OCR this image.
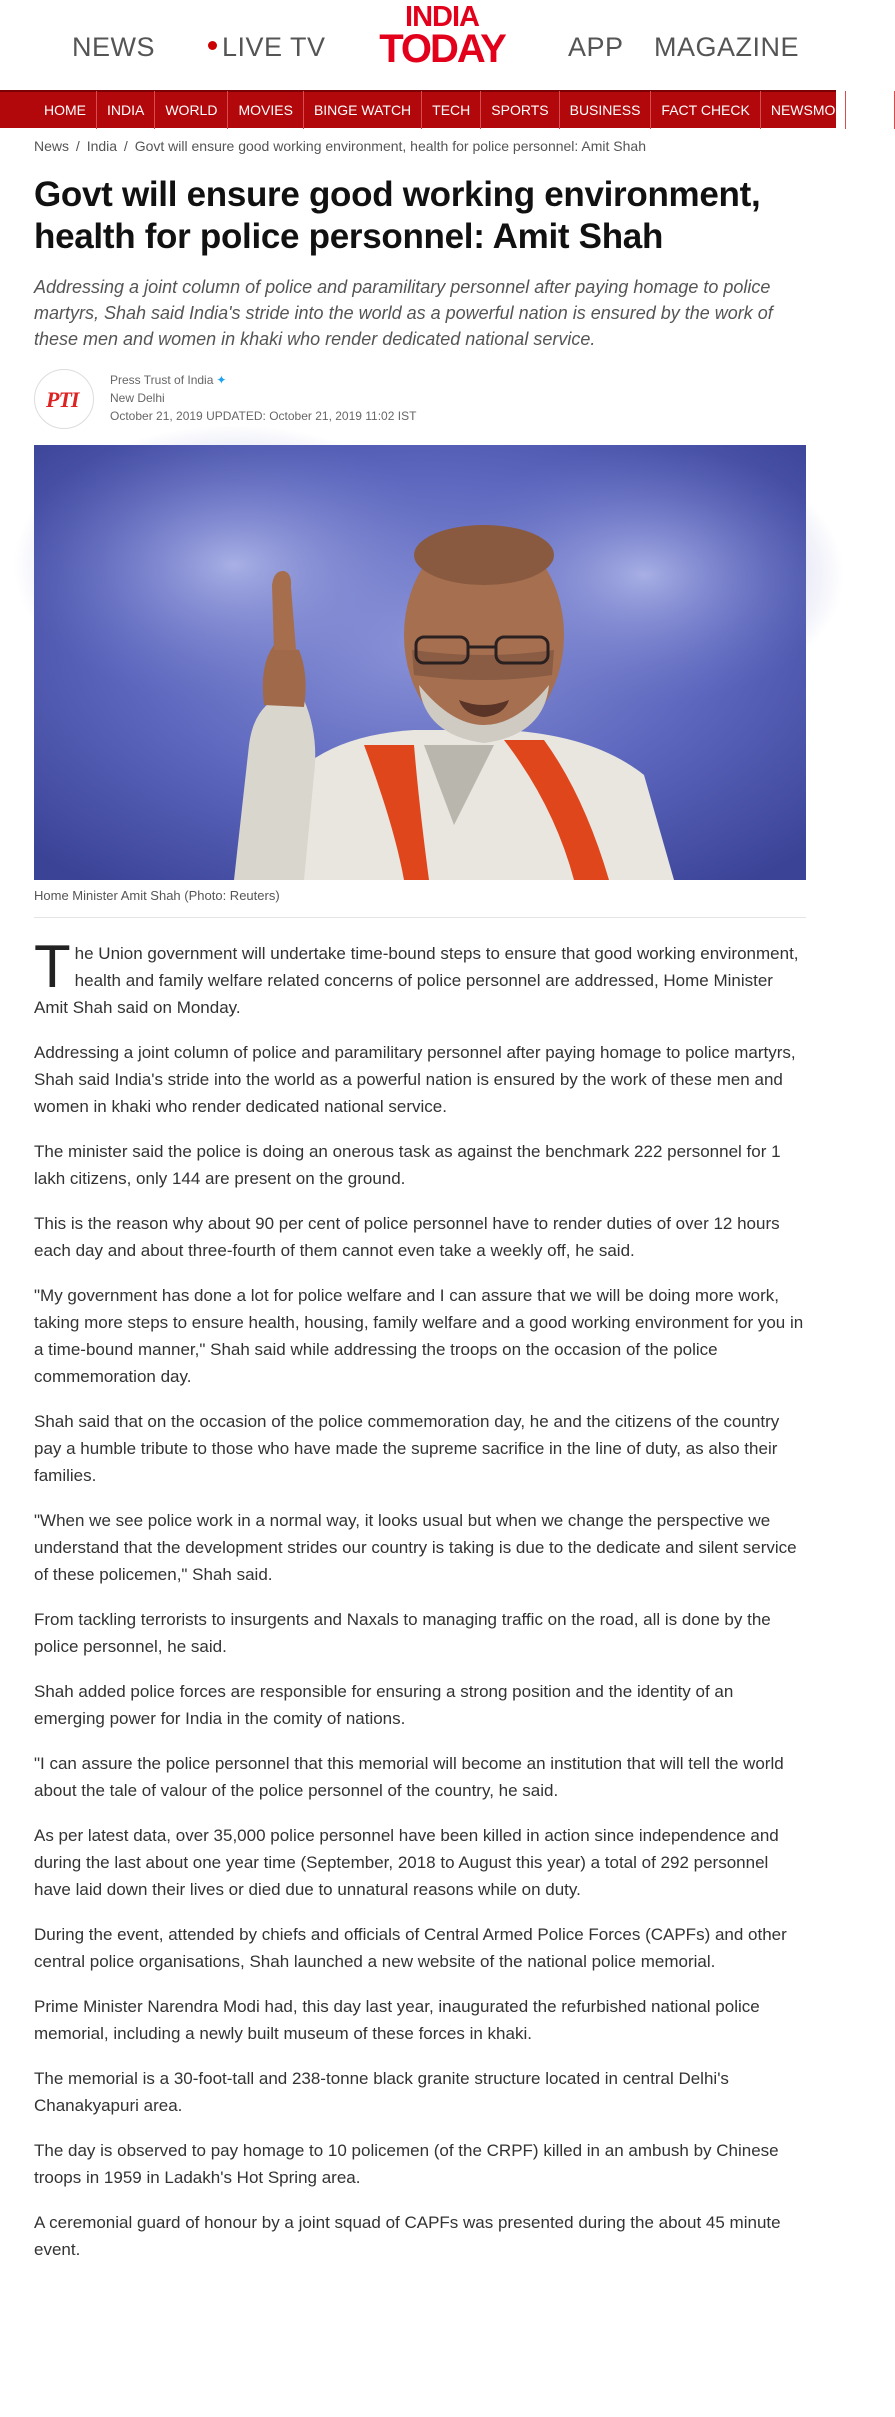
NEWS	LIVE TV
INDIA
TODAY	APP MAGAZINE
HOME	INDIA	WORLD	MOVIES	BINGE WATCH	TECH	SPORTS	BUSINESS	FACT CHECK	NEWSMO	TRE
News / India / Govt will ensure good working environment, health for police personnel: Amit Shah
Govt will ensure good working environment, health for police personnel: Amit Shah

Addressing a joint column of police and paramilitary personnel after paying homage to police martyrs, Shah said India's stride into the world as a powerful nation is ensured by the work of these men and women in khaki who render dedicated national service.

PTI
Press Trust of India ✦
New Delhi
October 21, 2019 UPDATED: October 21, 2019 11:02 IST
Home Minister Amit Shah (Photo: Reuters)

The Union government will undertake time-bound steps to ensure that good working environment, health and family welfare related concerns of police personnel are addressed, Home Minister Amit Shah said on Monday.

Addressing a joint column of police and paramilitary personnel after paying homage to police martyrs, Shah said India's stride into the world as a powerful nation is ensured by the work of these men and women in khaki who render dedicated national service.

The minister said the police is doing an onerous task as against the benchmark 222 personnel for 1 lakh citizens, only 144 are present on the ground.

This is the reason why about 90 per cent of police personnel have to render duties of over 12 hours each day and about three-fourth of them cannot even take a weekly off, he said.

"My government has done a lot for police welfare and I can assure that we will be doing more work, taking more steps to ensure health, housing, family welfare and a good working environment for you in a time-bound manner," Shah said while addressing the troops on the occasion of the police commemoration day.

Shah said that on the occasion of the police commemoration day, he and the citizens of the country pay a humble tribute to those who have made the supreme sacrifice in the line of duty, as also their families.

"When we see police work in a normal way, it looks usual but when we change the perspective we understand that the development strides our country is taking is due to the dedicate and silent service of these policemen," Shah said.

From tackling terrorists to insurgents and Naxals to managing traffic on the road, all is done by the police personnel, he said.

Shah added police forces are responsible for ensuring a strong position and the identity of an emerging power for India in the comity of nations.

"I can assure the police personnel that this memorial will become an institution that will tell the world about the tale of valour of the police personnel of the country, he said.

As per latest data, over 35,000 police personnel have been killed in action since independence and during the last about one year time (September, 2018 to August this year) a total of 292 personnel have laid down their lives or died due to unnatural reasons while on duty.

During the event, attended by chiefs and officials of Central Armed Police Forces (CAPFs) and other central police organisations, Shah launched a new website of the national police memorial.

Prime Minister Narendra Modi had, this day last year, inaugurated the refurbished national police memorial, including a newly built museum of these forces in khaki.

The memorial is a 30-foot-tall and 238-tonne black granite structure located in central Delhi's Chanakyapuri area.

The day is observed to pay homage to 10 policemen (of the CRPF) killed in an ambush by Chinese troops in 1959 in Ladakh's Hot Spring area.

A ceremonial guard of honour by a joint squad of CAPFs was presented during the about 45 minute event.
